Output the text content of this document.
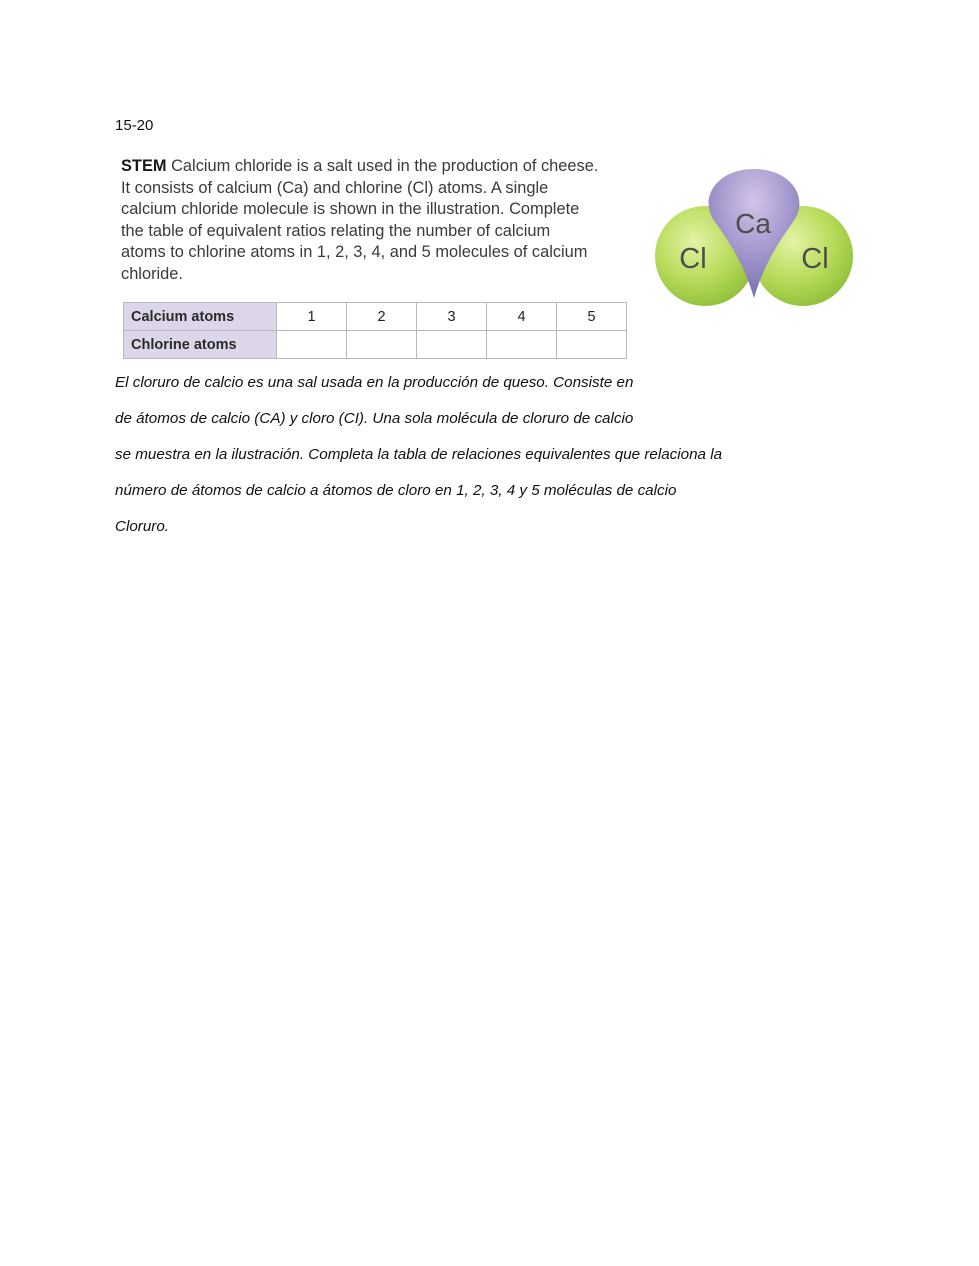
15-20

STEM Calcium chloride is a salt used in the production of cheese.

It consists of calcium (Ca) and chlorine (Cl) atoms. A single

calcium chloride molecule is shown in the illustration. Complete

the table of equivalent ratios relating the number of calcium

atoms to chlorine atoms in 1, 2, 3, 4, and 5 molecules of calcium

chloride.

Calcium atoms	1	2	3	4	5
Chlorine atoms					
Ca
Cl	Cl

El cloruro de calcio es una sal usada en la producción de queso. Consiste en

de átomos de calcio (CA) y cloro (CI). Una sola molécula de cloruro de calcio

se muestra en la ilustración. Completa la tabla de relaciones equivalentes que relaciona la

número de átomos de calcio a átomos de cloro en 1, 2, 3, 4 y 5 moléculas de calcio

Cloruro.
